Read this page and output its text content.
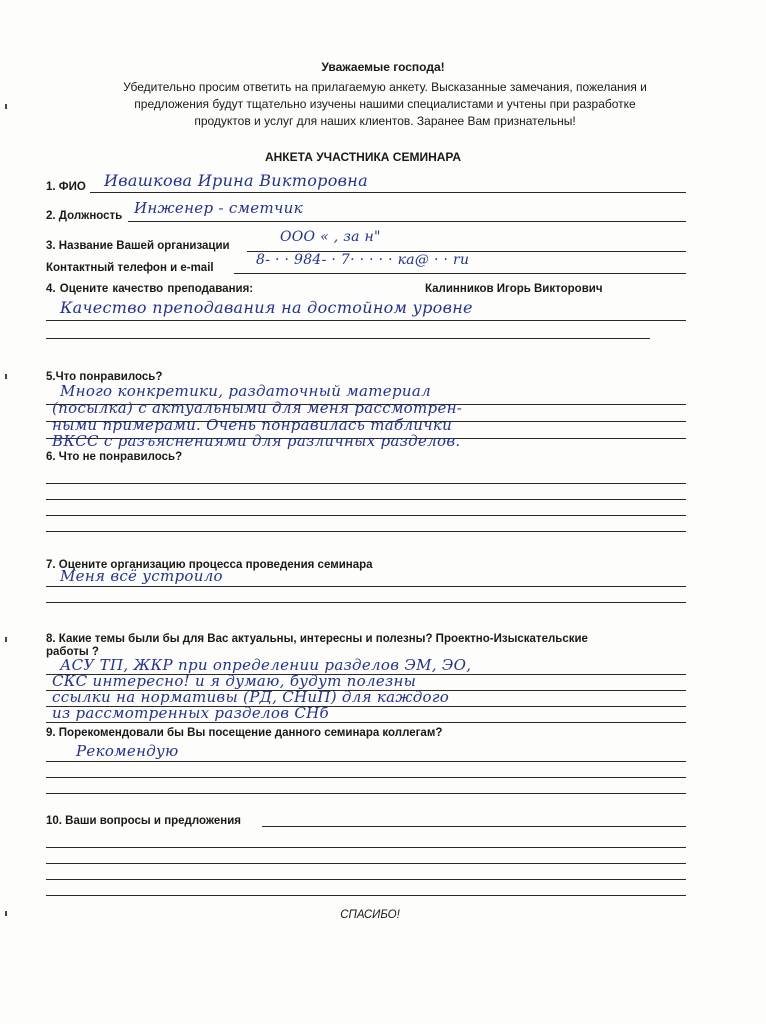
Уважаемые господа!
Убедительно просим ответить на прилагаемую анкету. Высказанные замечания, пожелания и
предложения будут тщательно изучены нашими специалистами и учтены при разработке
продуктов и услуг для наших клиентов. Заранее Вам признательны!
АНКЕТА УЧАСТНИКА СЕМИНАРА
1. ФИО Ивашкова Ирина Викторовна
2. Должность Инженер - сметчик
3. Название Вашей организации
ООО « , за н"
Контактный телефон и e-mail	8- · · 984- · 7· · · · · ка@ · · ru
4. Оцените качество преподавания:	Калинников Игорь Викторович
Качество преподавания на достойном уровне
5.Что понравилось?
Много конкретики, раздаточный материал
(посылка) с актуальными для меня рассмотрен-
ными примерами. Очень понравилась таблички
ВКСС с разъяснениями для различных разделов.
6. Что не понравилось?
7. Оцените организацию процесса проведения семинара
Меня всё устроило
8. Какие темы были бы для Вас актуальны, интересны и полезны? Проектно-Изыскательские
работы ?
АСУ ТП, ЖКР при определении разделов ЭМ, ЭО,
СКС интересно! и я думаю, будут полезны
ссылки на нормативы (РД, СНиП) для каждого
из рассмотренных разделов СНб
9. Порекомендовали бы Вы посещение данного семинара коллегам?
Рекомендую
10. Ваши вопросы и предложения
СПАСИБО!
